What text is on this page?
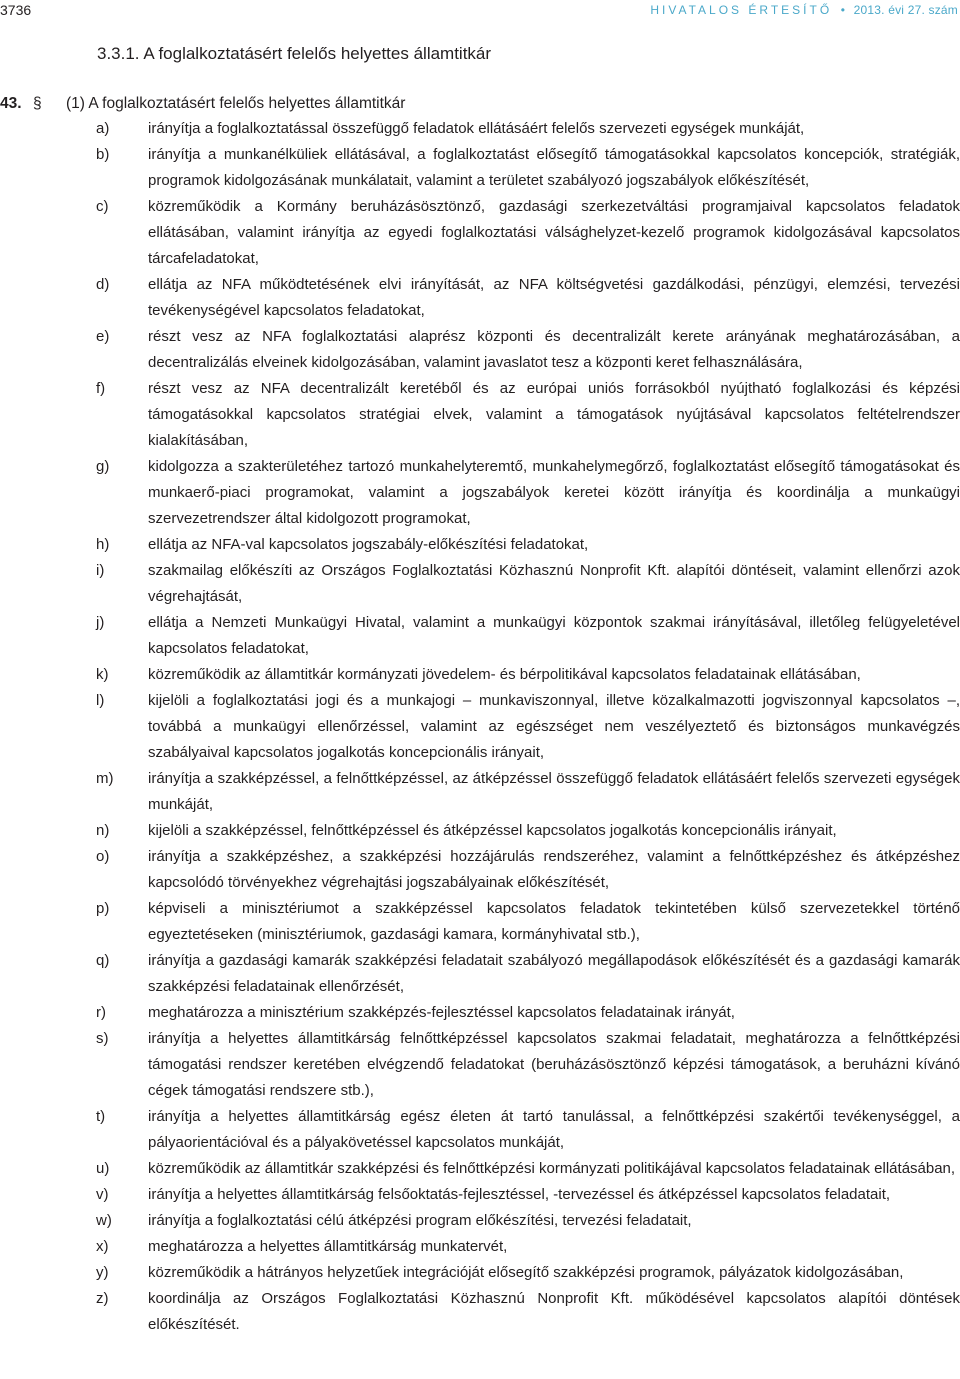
3736	HIVATALOS ÉRTESÍTŐ • 2013. évi 27. szám
3.3.1. A foglalkoztatásért felelős helyettes államtitkár
43. § (1) A foglalkoztatásért felelős helyettes államtitkár
a)	irányítja a foglalkoztatással összefüggő feladatok ellátásáért felelős szervezeti egységek munkáját,
b)	irányítja a munkanélküliek ellátásával, a foglalkoztatást elősegítő támogatásokkal kapcsolatos koncepciók, stratégiák, programok kidolgozásának munkálatait, valamint a területet szabályozó jogszabályok előkészítését,
c)	közreműködik a Kormány beruházásösztönző, gazdasági szerkezetváltási programjaival kapcsolatos feladatok ellátásában, valamint irányítja az egyedi foglalkoztatási válsághelyzet-kezelő programok kidolgozásával kapcsolatos tárcafeladatokat,
d)	ellátja az NFA működtetésének elvi irányítását, az NFA költségvetési gazdálkodási, pénzügyi, elemzési, tervezési tevékenységével kapcsolatos feladatokat,
e)	részt vesz az NFA foglalkoztatási alaprész központi és decentralizált kerete arányának meghatározásában, a decentralizálás elveinek kidolgozásában, valamint javaslatot tesz a központi keret felhasználására,
f)	részt vesz az NFA decentralizált keretéből és az európai uniós forrásokból nyújtható foglalkozási és képzési támogatásokkal kapcsolatos stratégiai elvek, valamint a támogatások nyújtásával kapcsolatos feltételrendszer kialakításában,
g)	kidolgozza a szakterületéhez tartozó munkahelyteremtő, munkahelymegőrző, foglalkoztatást elősegítő támogatásokat és munkaerő-piaci programokat, valamint a jogszabályok keretei között irányítja és koordinálja a munkaügyi szervezetrendszer által kidolgozott programokat,
h)	ellátja az NFA-val kapcsolatos jogszabály-előkészítési feladatokat,
i)	szakmailag előkészíti az Országos Foglalkoztatási Közhasznú Nonprofit Kft. alapítói döntéseit, valamint ellenőrzi azok végrehajtását,
j)	ellátja a Nemzeti Munkaügyi Hivatal, valamint a munkaügyi központok szakmai irányításával, illetőleg felügyeletével kapcsolatos feladatokat,
k)	közreműködik az államtitkár kormányzati jövedelem- és bérpolitikával kapcsolatos feladatainak ellátásában,
l)	kijelöli a foglalkoztatási jogi és a munkajogi – munkaviszonnyal, illetve közalkalmazotti jogviszonnyal kapcsolatos –, továbbá a munkaügyi ellenőrzéssel, valamint az egészséget nem veszélyeztető és biztonságos munkavégzés szabályaival kapcsolatos jogalkotás koncepcionális irányait,
m) irányítja a szakképzéssel, a felnőttképzéssel, az átképzéssel összefüggő feladatok ellátásáért felelős szervezeti egységek munkáját,
n)	kijelöli a szakképzéssel, felnőttképzéssel és átképzéssel kapcsolatos jogalkotás koncepcionális irányait,
o)	irányítja a szakképzéshez, a szakképzési hozzájárulás rendszeréhez, valamint a felnőttképzéshez és átképzéshez kapcsolódó törvényekhez végrehajtási jogszabályainak előkészítését,
p)	képviseli a minisztériumot a szakképzéssel kapcsolatos feladatok tekintetében külső szervezetekkel történő egyeztetéseken (minisztériumok, gazdasági kamara, kormányhivatal stb.),
q)	irányítja a gazdasági kamarák szakképzési feladatait szabályozó megállapodások előkészítését és a gazdasági kamarák szakképzési feladatainak ellenőrzését,
r)	meghatározza a minisztérium szakképzés-fejlesztéssel kapcsolatos feladatainak irányát,
s)	irányítja a helyettes államtitkárság felnőttképzéssel kapcsolatos szakmai feladatait, meghatározza a felnőttképzési támogatási rendszer keretében elvégzendő feladatokat (beruházásösztönző képzési támogatások, a beruházni kívánó cégek támogatási rendszere stb.),
t)	irányítja a helyettes államtitkárság egész életen át tartó tanulással, a felnőttképzési szakértői tevékenységgel, a pályaorientációval és a pályakövetéssel kapcsolatos munkáját,
u)	közreműködik az államtitkár szakképzési és felnőttképzési kormányzati politikájával kapcsolatos feladatainak ellátásában,
v)	irányítja a helyettes államtitkárság felsőoktatás-fejlesztéssel, -tervezéssel és átképzéssel kapcsolatos feladatait,
w) irányítja a foglalkoztatási célú átképzési program előkészítési, tervezési feladatait,
x)	meghatározza a helyettes államtitkárság munkatervét,
y)	közreműködik a hátrányos helyzetűek integrációját elősegítő szakképzési programok, pályázatok kidolgozásában,
z)	koordinálja az Országos Foglalkoztatási Közhasznú Nonprofit Kft. működésével kapcsolatos alapítói döntések előkészítését.
